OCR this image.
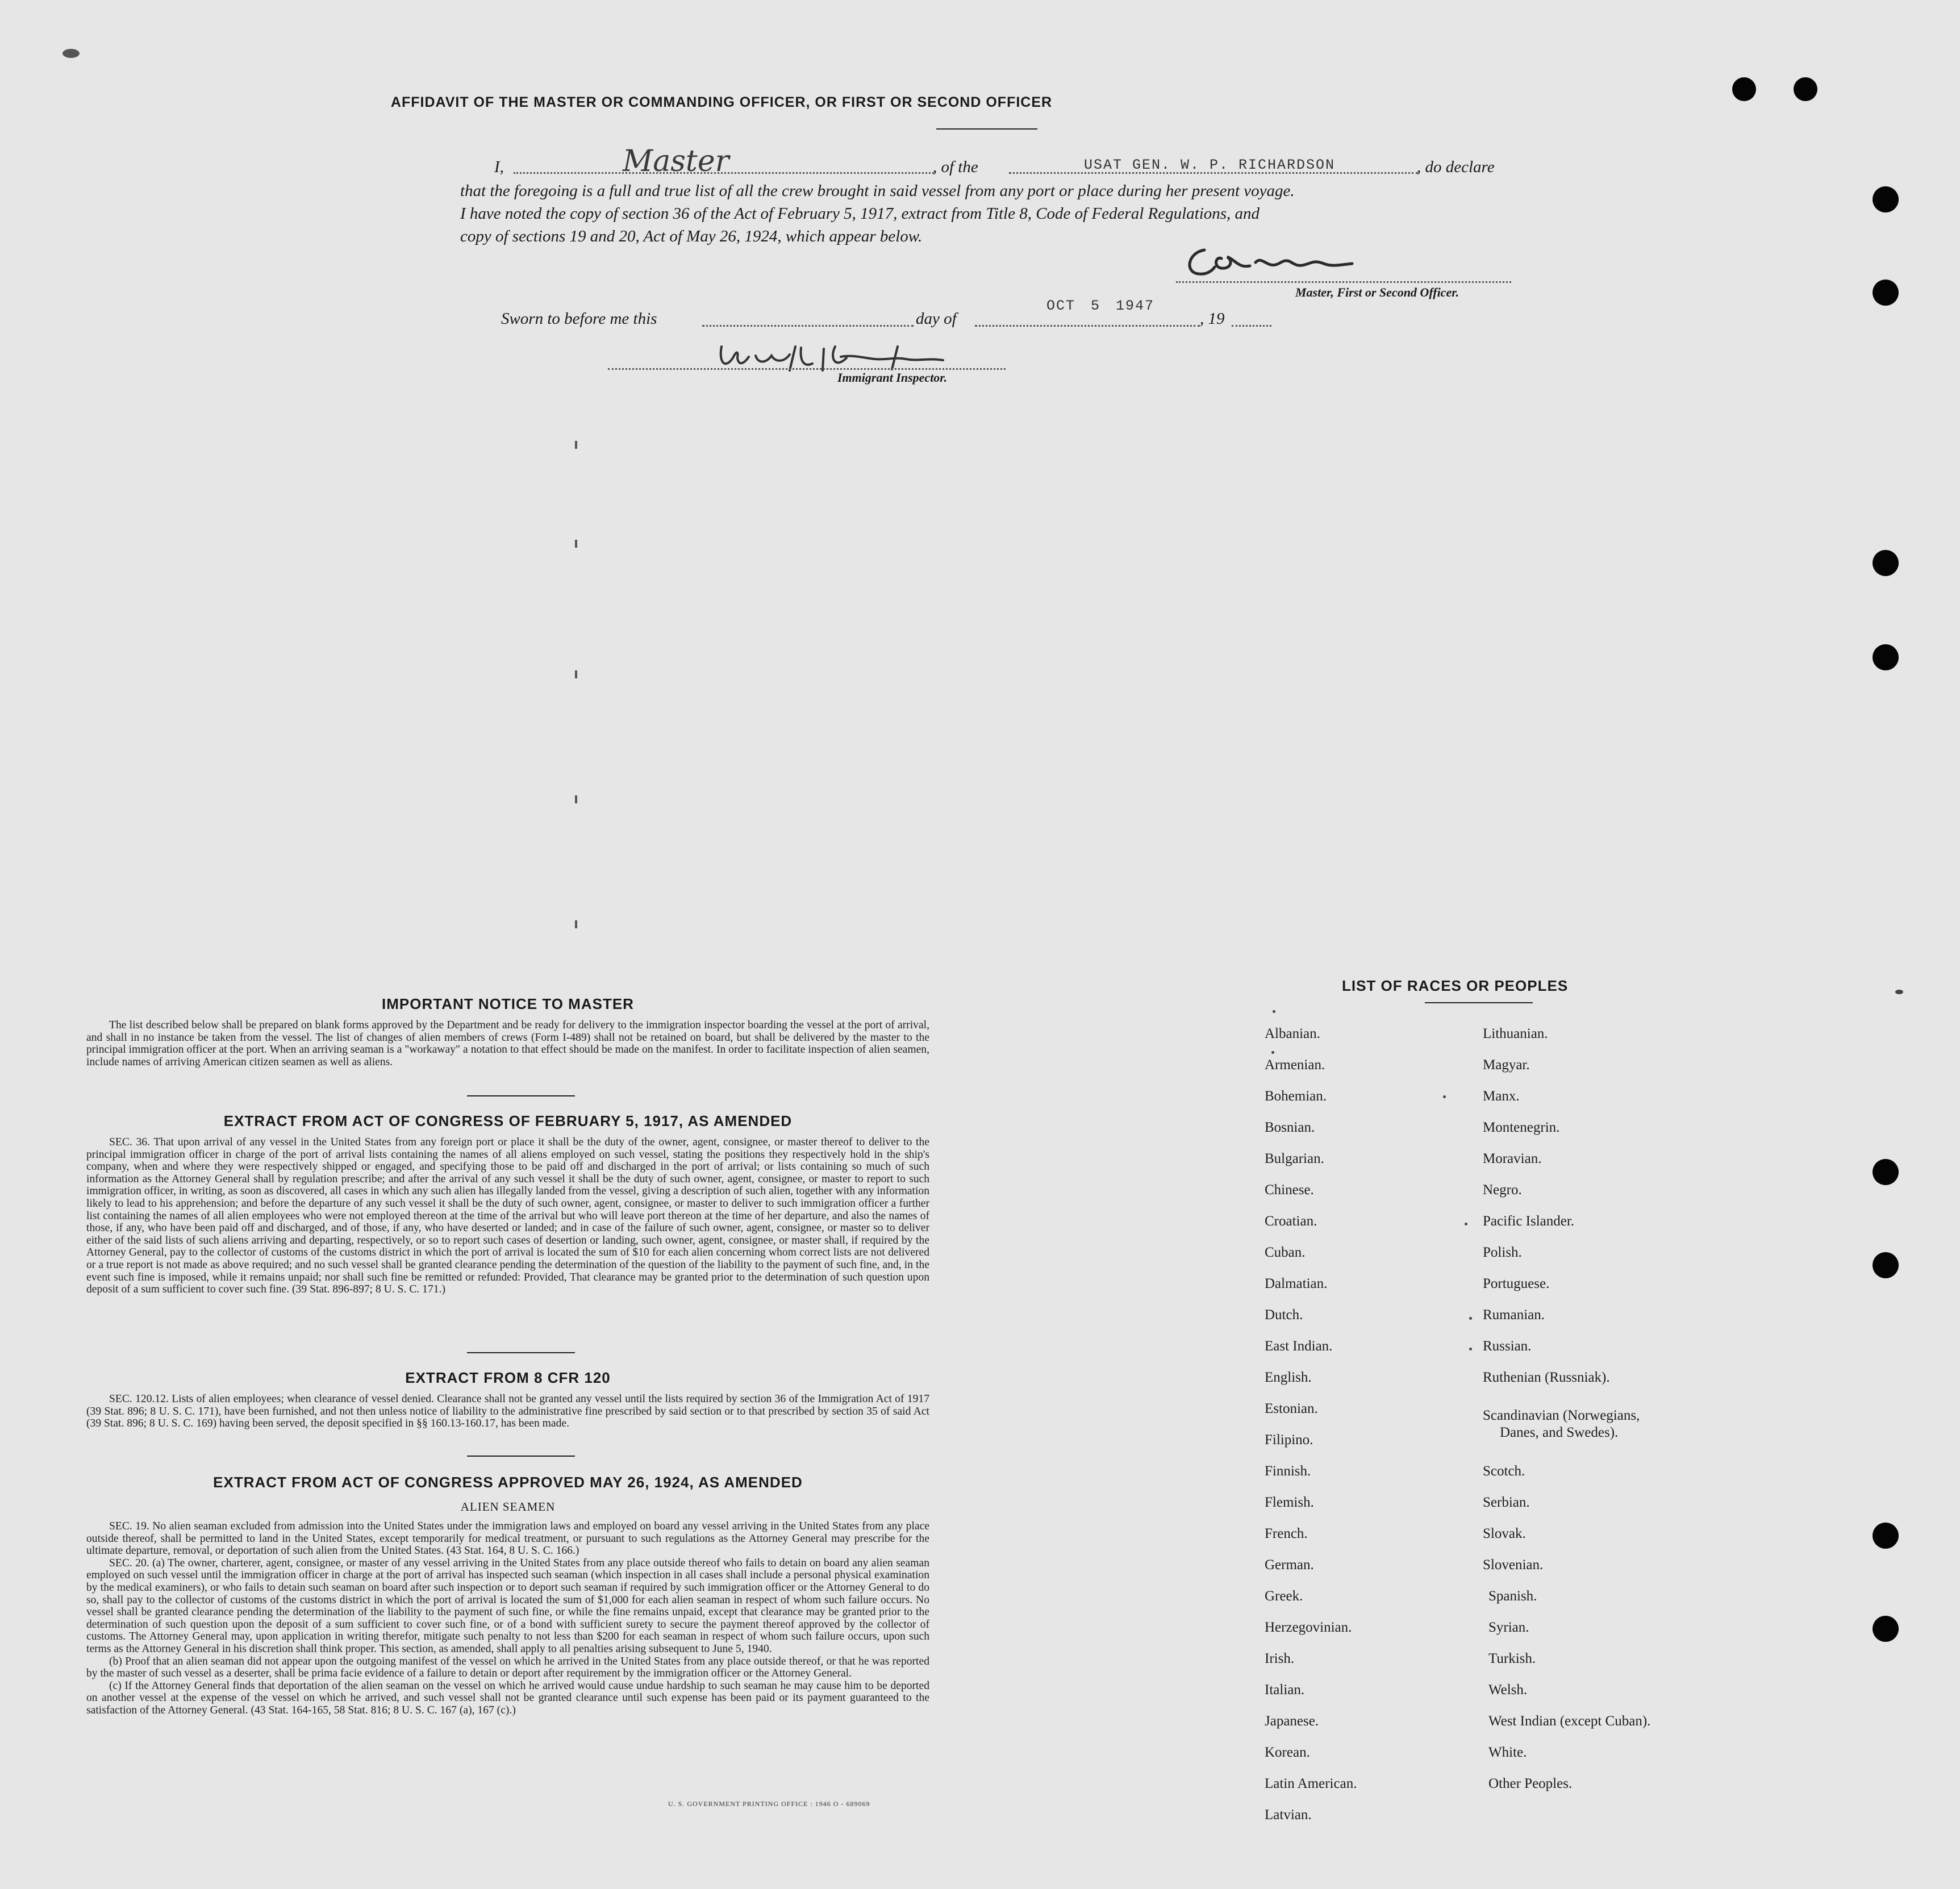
AFFIDAVIT OF THE MASTER OR COMMANDING OFFICER, OR FIRST OR SECOND OFFICER
I,	Master	, of the	USAT GEN. W. P. RICHARDSON	, do declare
that the foregoing is a full and true list of all the crew brought in said vessel from any port or place during her present voyage.
I have noted the copy of section 36 of the Act of February 5, 1917, extract from Title 8, Code of Federal Regulations, and
copy of sections 19 and 20, Act of May 26, 1924, which appear below.
Master, First or Second Officer.
Sworn to before me this	day of
OCT 5 1947
, 19
Immigrant Inspector.
IMPORTANT NOTICE TO MASTER

The list described below shall be prepared on blank forms approved by the Department and be ready for delivery to the immigration inspector boarding the vessel at the port of arrival, and shall in no instance be taken from the vessel. The list of changes of alien members of crews (Form I-489) shall not be retained on board, but shall be delivered by the master to the principal immigration officer at the port. When an arriving seaman is a "workaway" a notation to that effect should be made on the manifest. In order to facilitate inspection of alien seamen, include names of arriving American citizen seamen as well as aliens.

EXTRACT FROM ACT OF CONGRESS OF FEBRUARY 5, 1917, AS AMENDED

SEC. 36. That upon arrival of any vessel in the United States from any foreign port or place it shall be the duty of the owner, agent, consignee, or master thereof to deliver to the principal immigration officer in charge of the port of arrival lists containing the names of all aliens employed on such vessel, stating the positions they respectively hold in the ship's company, when and where they were respectively shipped or engaged, and specifying those to be paid off and discharged in the port of arrival; or lists containing so much of such information as the Attorney General shall by regulation prescribe; and after the arrival of any such vessel it shall be the duty of such owner, agent, consignee, or master to report to such immigration officer, in writing, as soon as discovered, all cases in which any such alien has illegally landed from the vessel, giving a description of such alien, together with any information likely to lead to his apprehension; and before the departure of any such vessel it shall be the duty of such owner, agent, consignee, or master to deliver to such immigration officer a further list containing the names of all alien employees who were not employed thereon at the time of the arrival but who will leave port thereon at the time of her departure, and also the names of those, if any, who have been paid off and discharged, and of those, if any, who have deserted or landed; and in case of the failure of such owner, agent, consignee, or master so to deliver either of the said lists of such aliens arriving and departing, respectively, or so to report such cases of desertion or landing, such owner, agent, consignee, or master shall, if required by the Attorney General, pay to the collector of customs of the customs district in which the port of arrival is located the sum of $10 for each alien concerning whom correct lists are not delivered or a true report is not made as above required; and no such vessel shall be granted clearance pending the determination of the question of the liability to the payment of such fine, and, in the event such fine is imposed, while it remains unpaid; nor shall such fine be remitted or refunded: Provided, That clearance may be granted prior to the determination of such question upon deposit of a sum sufficient to cover such fine. (39 Stat. 896-897; 8 U. S. C. 171.)

EXTRACT FROM 8 CFR 120

SEC. 120.12. Lists of alien employees; when clearance of vessel denied. Clearance shall not be granted any vessel until the lists required by section 36 of the Immigration Act of 1917 (39 Stat. 896; 8 U. S. C. 171), have been furnished, and not then unless notice of liability to the administrative fine prescribed by said section or to that prescribed by section 35 of said Act (39 Stat. 896; 8 U. S. C. 169) having been served, the deposit specified in §§ 160.13-160.17, has been made.

EXTRACT FROM ACT OF CONGRESS APPROVED MAY 26, 1924, AS AMENDED
ALIEN SEAMEN

SEC. 19. No alien seaman excluded from admission into the United States under the immigration laws and employed on board any vessel arriving in the United States from any place outside thereof, shall be permitted to land in the United States, except temporarily for medical treatment, or pursuant to such regulations as the Attorney General may prescribe for the ultimate departure, removal, or deportation of such alien from the United States. (43 Stat. 164, 8 U. S. C. 166.)

SEC. 20. (a) The owner, charterer, agent, consignee, or master of any vessel arriving in the United States from any place outside thereof who fails to detain on board any alien seaman employed on such vessel until the immigration officer in charge at the port of arrival has inspected such seaman (which inspection in all cases shall include a personal physical examination by the medical examiners), or who fails to detain such seaman on board after such inspection or to deport such seaman if required by such immigration officer or the Attorney General to do so, shall pay to the collector of customs of the customs district in which the port of arrival is located the sum of $1,000 for each alien seaman in respect of whom such failure occurs. No vessel shall be granted clearance pending the determination of the liability to the payment of such fine, or while the fine remains unpaid, except that clearance may be granted prior to the determination of such question upon the deposit of a sum sufficient to cover such fine, or of a bond with sufficient surety to secure the payment thereof approved by the collector of customs. The Attorney General may, upon application in writing therefor, mitigate such penalty to not less than $200 for each seaman in respect of whom such failure occurs, upon such terms as the Attorney General in his discretion shall think proper. This section, as amended, shall apply to all penalties arising subsequent to June 5, 1940.

(b) Proof that an alien seaman did not appear upon the outgoing manifest of the vessel on which he arrived in the United States from any place outside thereof, or that he was reported by the master of such vessel as a deserter, shall be prima facie evidence of a failure to detain or deport after requirement by the immigration officer or the Attorney General.

(c) If the Attorney General finds that deportation of the alien seaman on the vessel on which he arrived would cause undue hardship to such seaman he may cause him to be deported on another vessel at the expense of the vessel on which he arrived, and such vessel shall not be granted clearance until such expense has been paid or its payment guaranteed to the satisfaction of the Attorney General. (43 Stat. 164-165, 58 Stat. 816; 8 U. S. C. 167 (a), 167 (c).)

U. S. GOVERNMENT PRINTING OFFICE : 1946 O - 689069
LIST OF RACES OR PEOPLES
Albanian.
Armenian.
Bohemian.
Bosnian.
Bulgarian.
Chinese.
Croatian.
Cuban.
Dalmatian.
Dutch.
East Indian.
English.
Estonian.
Filipino.
Finnish.
Flemish.
French.
German.
Greek.
Herzegovinian.
Irish.
Italian.
Japanese.
Korean.
Latin American.
Latvian.
Lithuanian.
Magyar.
Manx.
Montenegrin.
Moravian.
Negro.
Pacific Islander.
Polish.
Portuguese.
Rumanian.
Russian.
Ruthenian (Russniak).
Scandinavian (Norwegians,
Danes, and Swedes).
Scotch.
Serbian.
Slovak.
Slovenian.
Spanish.
Syrian.
Turkish.
Welsh.
West Indian (except Cuban).
White.
Other Peoples.
